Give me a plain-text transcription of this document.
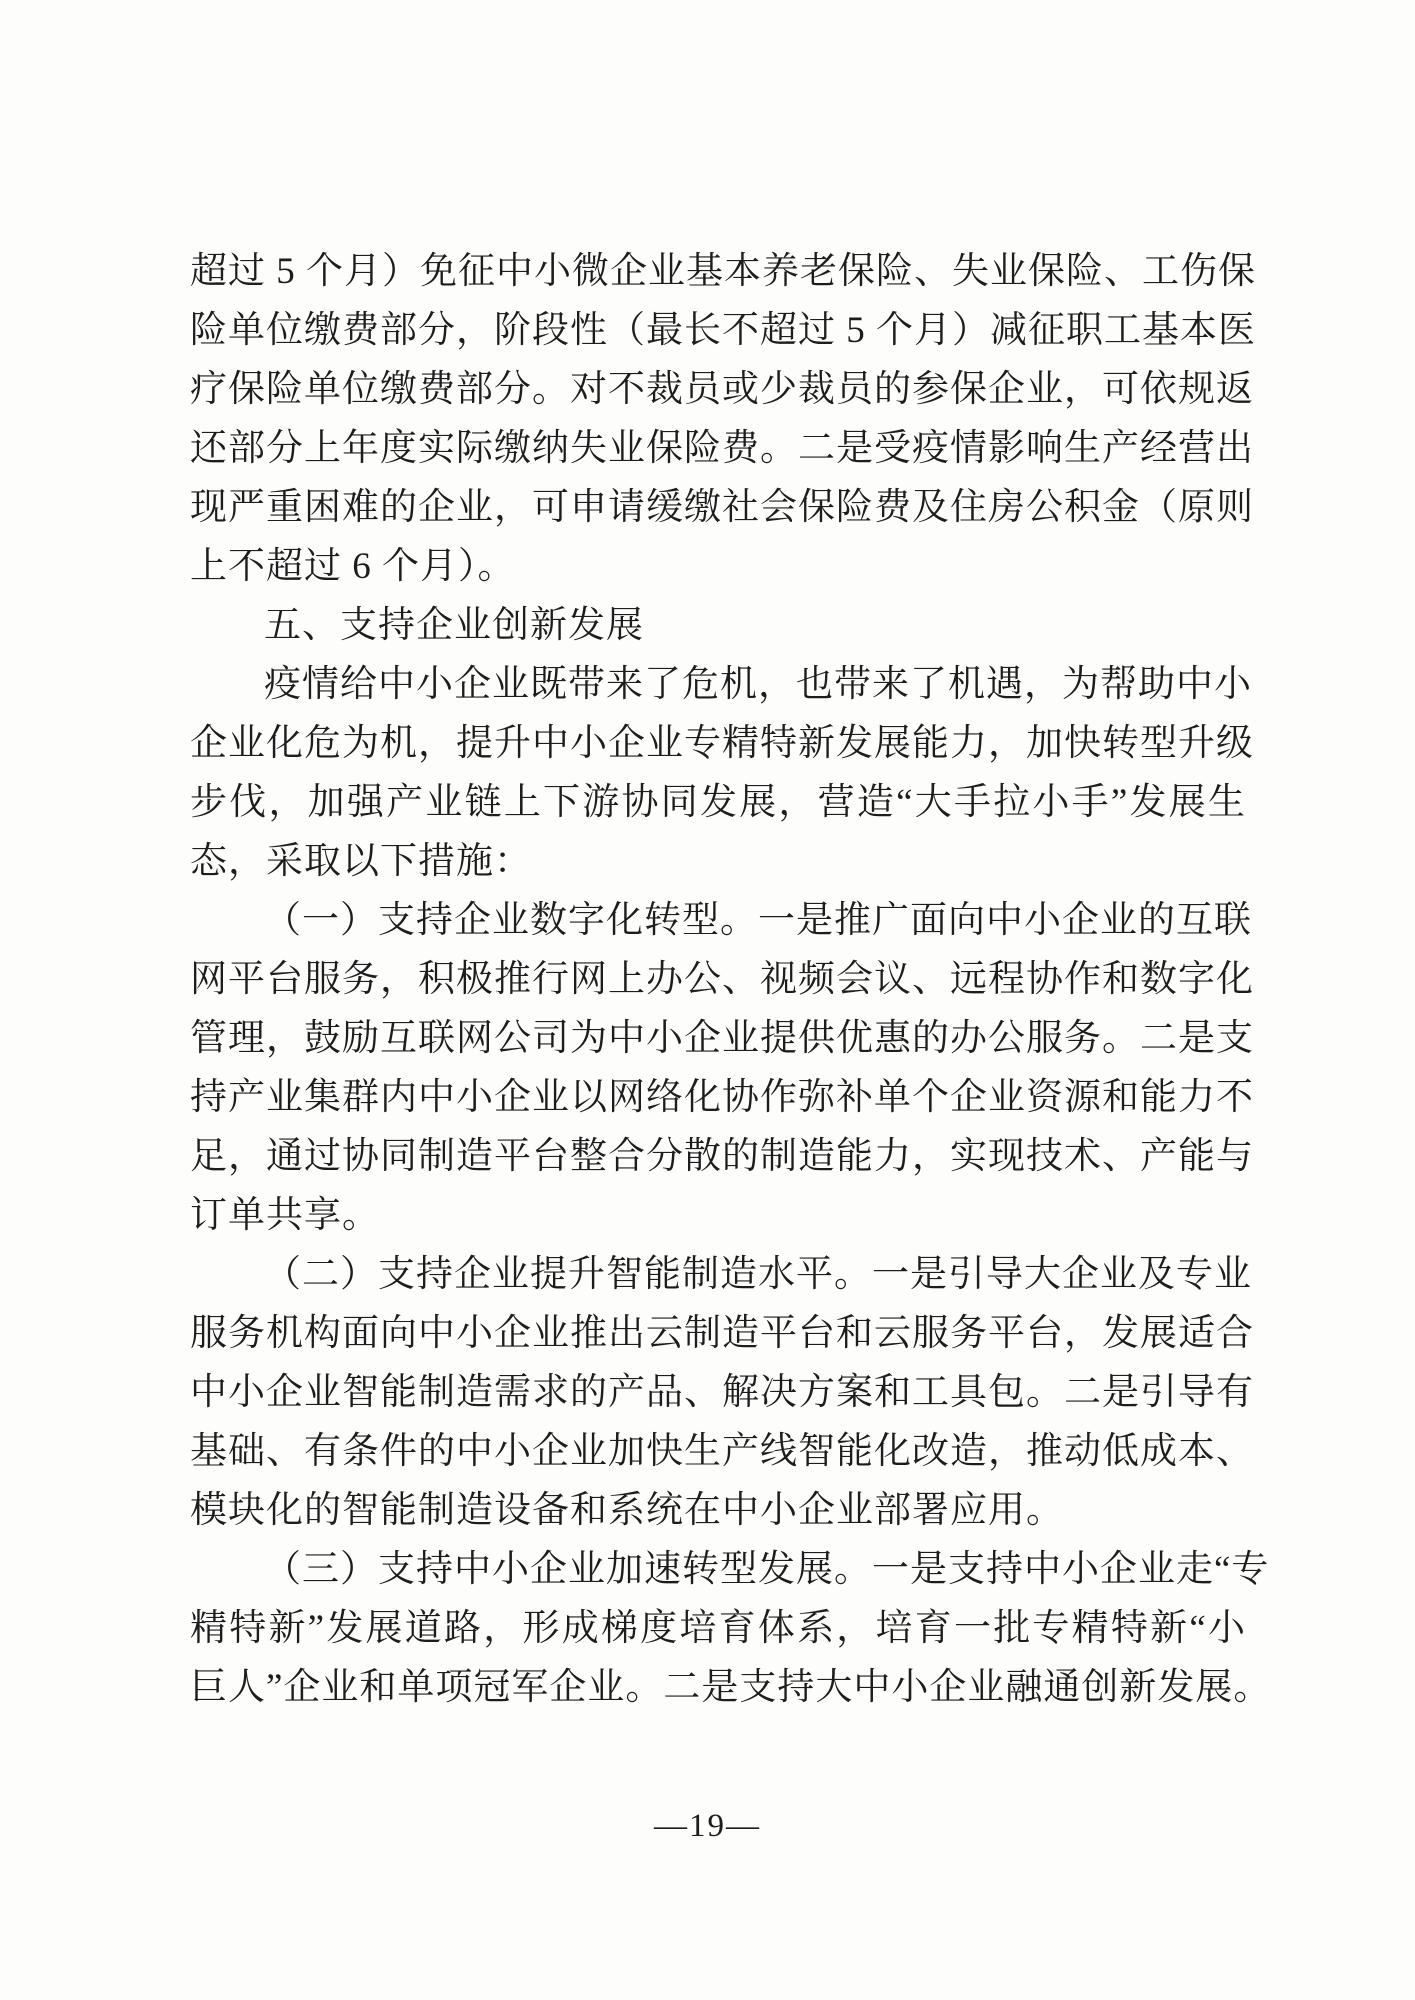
超过 5 个月）免征中小微企业基本养老保险、失业保险、工伤保
险单位缴费部分，阶段性（最长不超过 5 个月）减征职工基本医
疗保险单位缴费部分。对不裁员或少裁员的参保企业，可依规返
还部分上年度实际缴纳失业保险费。二是受疫情影响生产经营出
现严重困难的企业，可申请缓缴社会保险费及住房公积金（原则
上不超过 6 个月）。
五、支持企业创新发展
疫情给中小企业既带来了危机，也带来了机遇，为帮助中小
企业化危为机，提升中小企业专精特新发展能力，加快转型升级
步伐，加强产业链上下游协同发展，营造“大手拉小手”发展生
态，采取以下措施：
（一）支持企业数字化转型。一是推广面向中小企业的互联
网平台服务，积极推行网上办公、视频会议、远程协作和数字化
管理，鼓励互联网公司为中小企业提供优惠的办公服务。二是支
持产业集群内中小企业以网络化协作弥补单个企业资源和能力不
足，通过协同制造平台整合分散的制造能力，实现技术、产能与
订单共享。
（二）支持企业提升智能制造水平。一是引导大企业及专业
服务机构面向中小企业推出云制造平台和云服务平台，发展适合
中小企业智能制造需求的产品、解决方案和工具包。二是引导有
基础、有条件的中小企业加快生产线智能化改造，推动低成本、
模块化的智能制造设备和系统在中小企业部署应用。
（三）支持中小企业加速转型发展。一是支持中小企业走“专
精特新”发展道路，形成梯度培育体系，培育一批专精特新“小
巨人”企业和单项冠军企业。二是支持大中小企业融通创新发展。
—19—
